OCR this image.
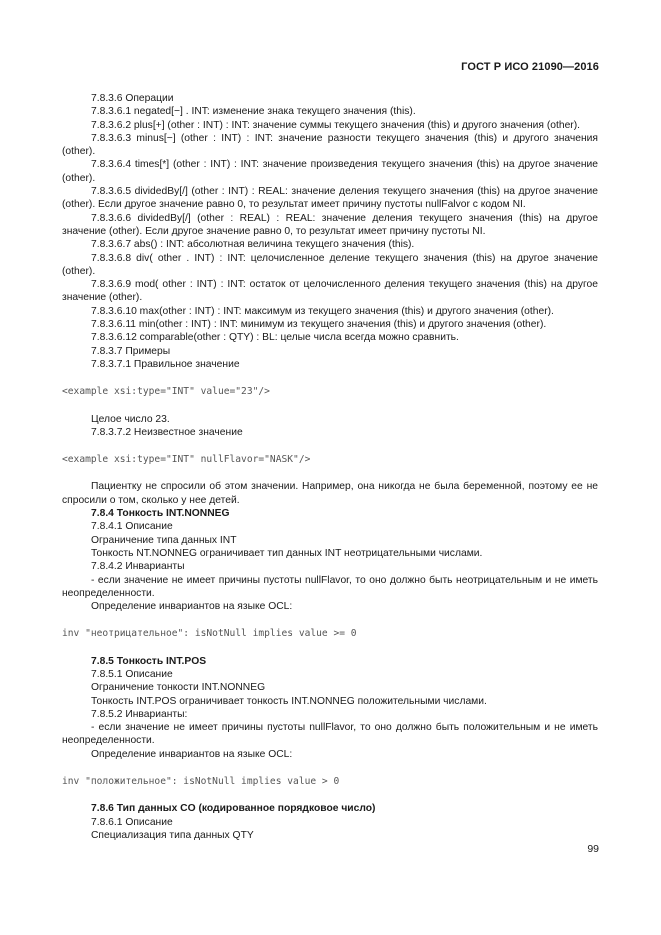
ГОСТ Р ИСО 21090—2016

7.8.3.6 Операции

7.8.3.6.1 negated[−] . INT: изменение знака текущего значения (this).

7.8.3.6.2 plus[+] (other : INT) : INT: значение суммы текущего значения (this) и другого значения (other).

7.8.3.6.3 minus[−] (other : INT) : INT: значение разности текущего значения (this) и другого значения (other).

7.8.3.6.4 times[*] (other : INT) : INT: значение произведения текущего значения (this) на другое значение (other).

7.8.3.6.5 dividedBy[/] (other : INT) : REAL: значение деления текущего значения (this) на другое значение (other). Если другое значение равно 0, то результат имеет причину пустоты nullFalvor с кодом NI.

7.8.3.6.6 dividedBy[/] (other : REAL) : REAL: значение деления текущего значения (this) на другое значение (other). Если другое значение равно 0, то результат имеет причину пустоты NI.

7.8.3.6.7 abs() : INT: абсолютная величина текущего значения (this).

7.8.3.6.8 div( other . INT) : INT: целочисленное деление текущего значения (this) на другое значение (other).

7.8.3.6.9 mod( other : INT) : INT: остаток от целочисленного деления текущего значения (this) на другое значение (other).

7.8.3.6.10 max(other : INT) : INT: максимум из текущего значения (this) и другого значения (other).

7.8.3.6.11 min(other : INT) : INT: минимум из текущего значения (this) и другого значения (other).

7.8.3.6.12 comparable(other : QTY) : BL: целые числа всегда можно сравнить.

7.8.3.7 Примеры

7.8.3.7.1 Правильное значение

<example xsi:type="INT" value="23"/>

Целое число 23.

7.8.3.7.2 Неизвестное значение

<example xsi:type="INT" nullFlavor="NASK"/>

Пациентку не спросили об этом значении. Например, она никогда не была беременной, поэтому ее не спросили о том, сколько у нее детей.

7.8.4 Тонкость INT.NONNEG

7.8.4.1 Описание

Ограничение типа данных INT

Тонкость NT.NONNEG ограничивает тип данных INT неотрицательными числами.

7.8.4.2 Инварианты

- если значение не имеет причины пустоты nullFlavor, то оно должно быть неотрицательным и не иметь неопределенности.

Определение инвариантов на языке OCL:

inv "неотрицательное": isNotNull implies value >= 0

7.8.5 Тонкость INT.POS

7.8.5.1 Описание

Ограничение тонкости INT.NONNEG

Тонкость INT.POS ограничивает тонкость INT.NONNEG положительными числами.

7.8.5.2 Инварианты:

- если значение не имеет причины пустоты nullFlavor, то оно должно быть положительным и не иметь неопределенности.

Определение инвариантов на языке OCL:

inv "положительное": isNotNull implies value > 0

7.8.6 Тип данных CO (кодированное порядковое число)

7.8.6.1 Описание

Специализация типа данных QTY

99
